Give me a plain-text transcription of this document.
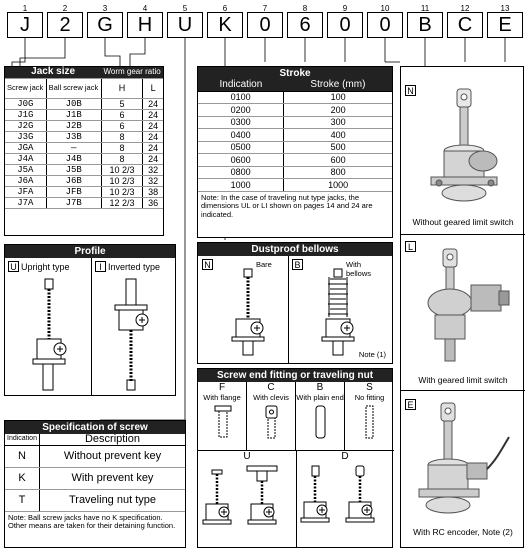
1	2	3	4	5	6	7	8	9	10	11	12	13
J	2	G	H	U	K	0	6	0	0	B	C	E
Jack size		Worm gear ratio	
Screw jack	Ball screw jack	H	L
J0G	J0B	5	24
J1G	J1B	6	24
J2G	J2B	6	24
J3G	J3B	8	24
JGA	—	8	24
J4A	J4B	8	24
J5A	J5B	10 2/3	32
J6A	J6B	10 2/3	32
JFA	JFB	10 2/3	38
J7A	J7B	12 2/3	36
Stroke
Indication	Stroke (mm)
0100	100
0200	200
0300	300
0400	400
0500	500
0600	600
0800	800
1000	1000
Note: In the case of traveling nut type jacks, the dimensions UL or LI shown on pages 14 and 24 are indicated.
Profile
U Upright type	I Inverted type
Dustproof bellows
N	Bare	B	With bellows
Note (1)
Specification of screw
Indication	Description
N	Without prevent key
K	With prevent key
T	Traveling nut type
Note: Ball screw jacks have no K specification. Other means are taken for their detaining function.
Screw end fitting or traveling nut
F
With flange
C
With clevis
B
With plain end
S
No fitting
U	D
N
Without geared limit switch
L
With geared limit switch
E
With RC encoder, Note (2)
